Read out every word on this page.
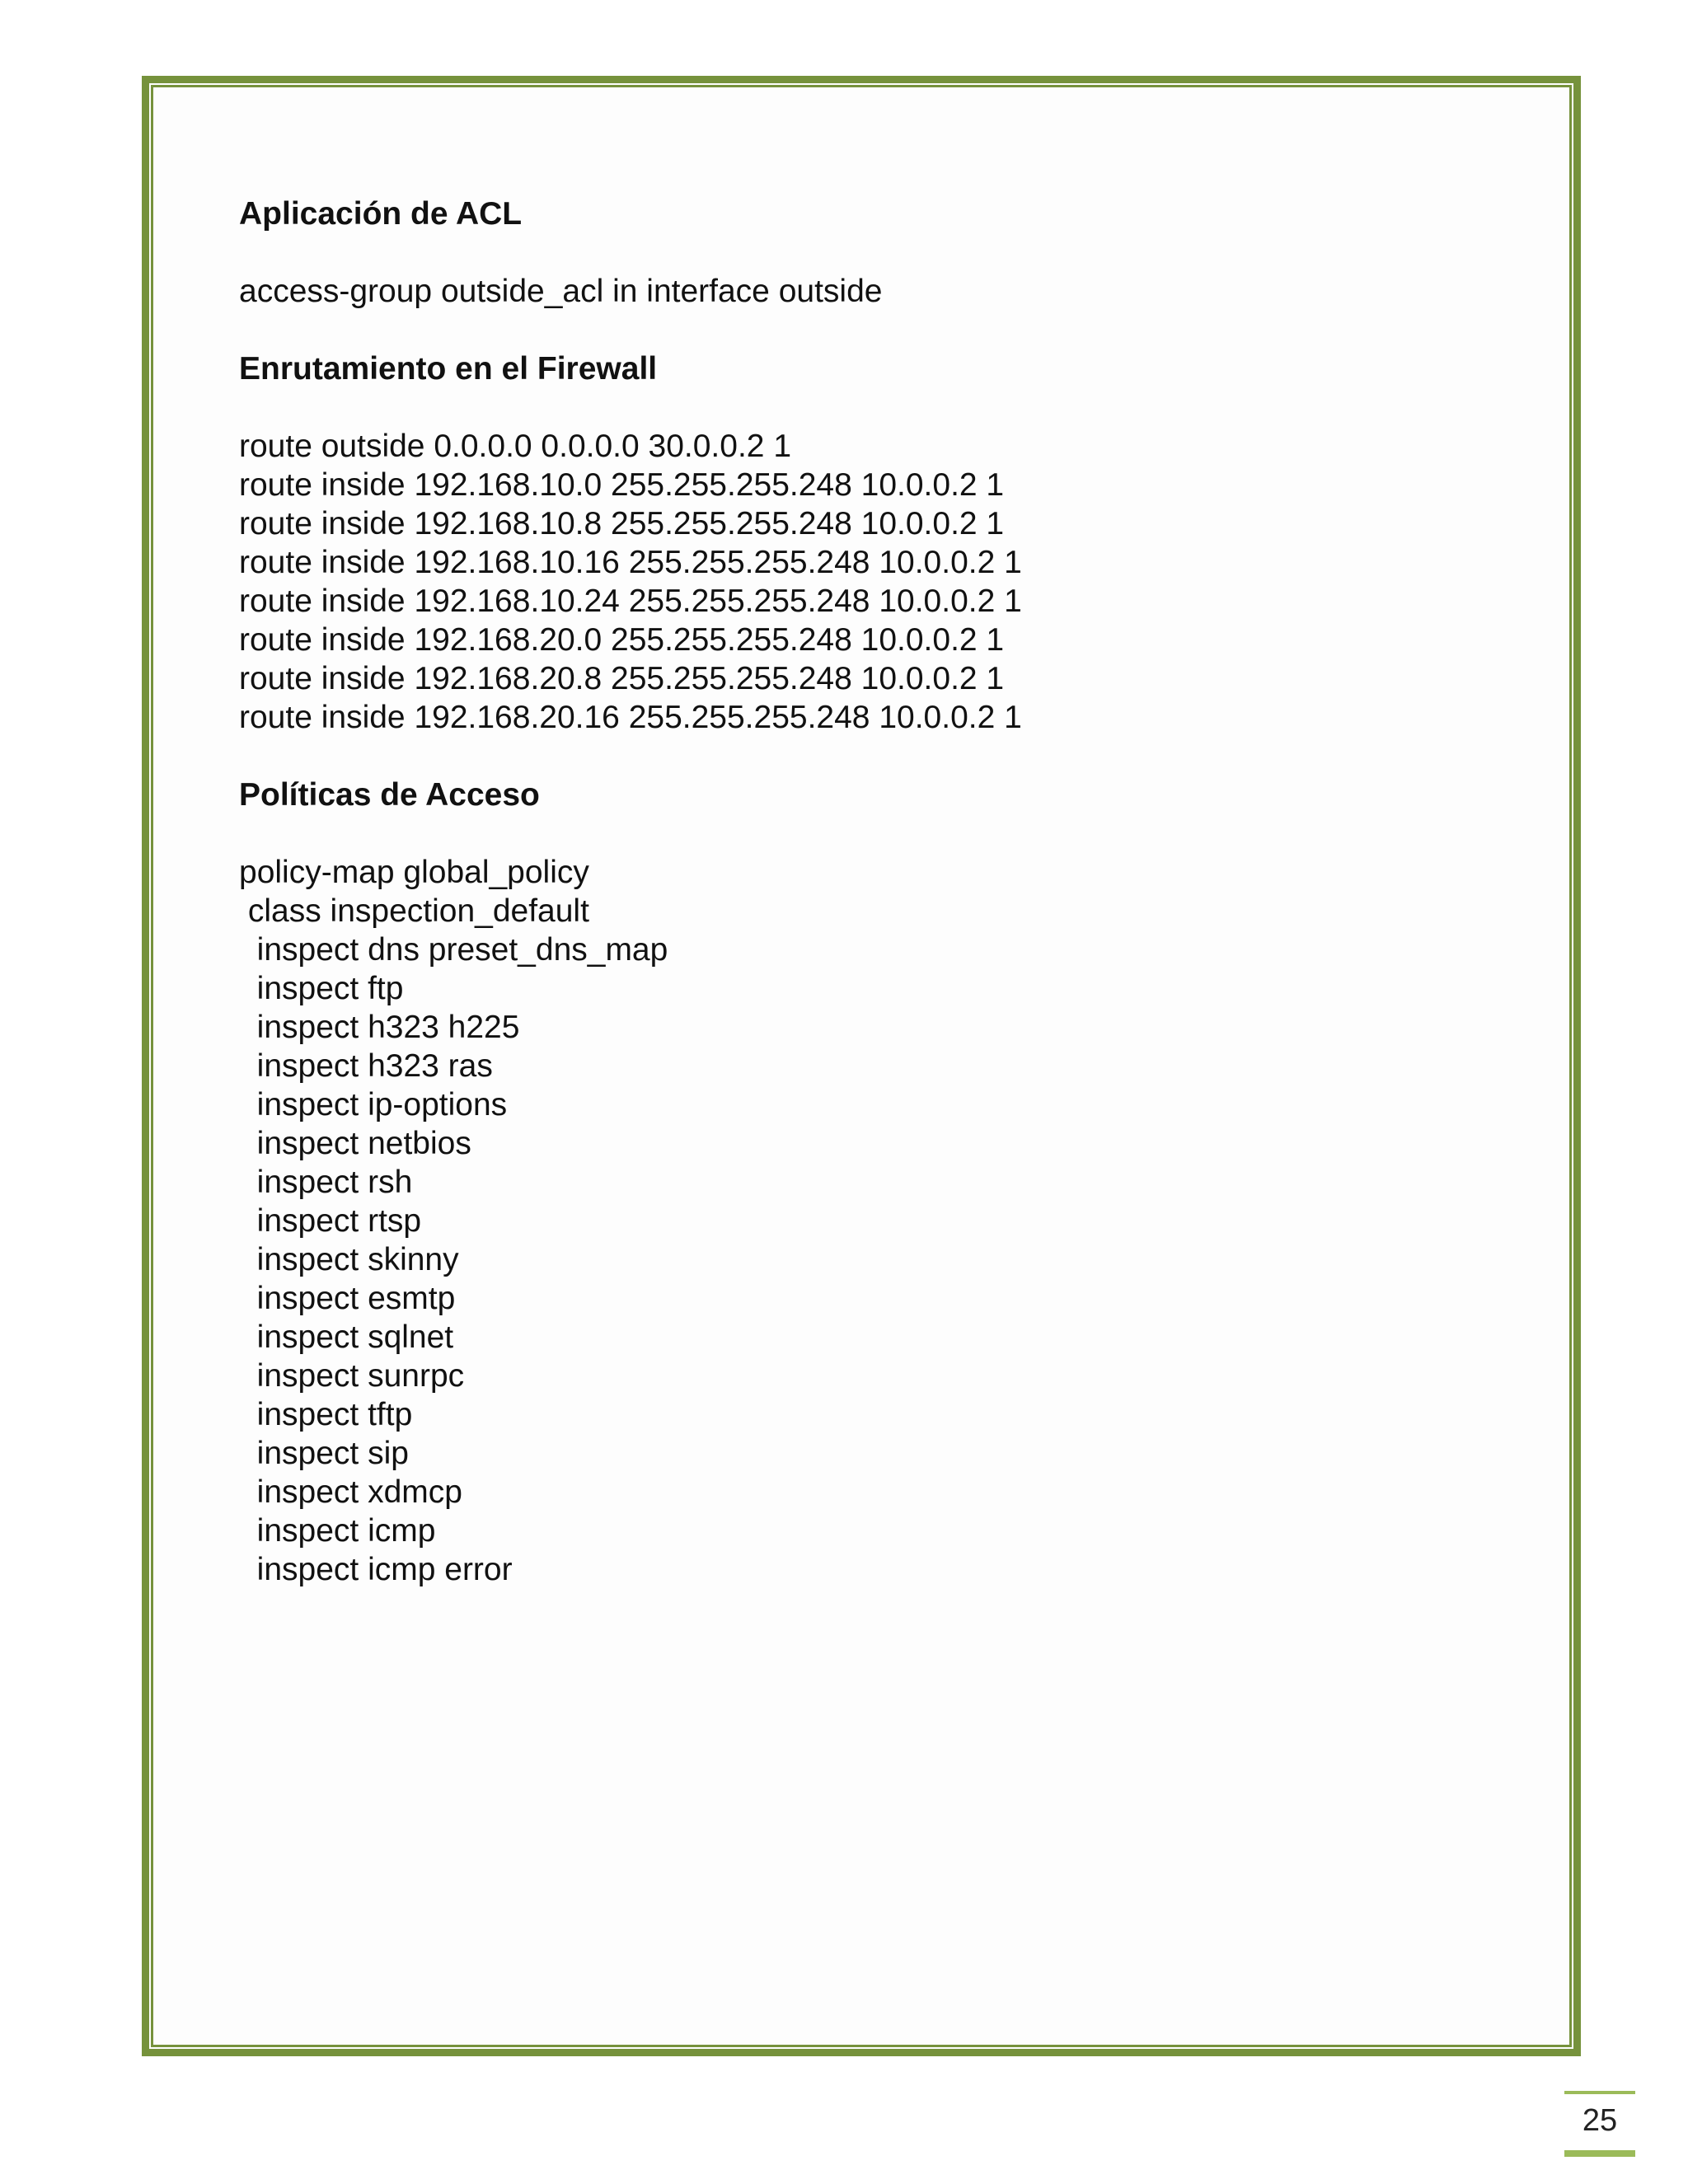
Aplicación de ACL
access-group outside_acl in interface outside
Enrutamiento en el Firewall
route outside 0.0.0.0 0.0.0.0 30.0.0.2 1
route inside 192.168.10.0 255.255.255.248 10.0.0.2 1
route inside 192.168.10.8 255.255.255.248 10.0.0.2 1
route inside 192.168.10.16 255.255.255.248 10.0.0.2 1
route inside 192.168.10.24 255.255.255.248 10.0.0.2 1
route inside 192.168.20.0 255.255.255.248 10.0.0.2 1
route inside 192.168.20.8 255.255.255.248 10.0.0.2 1
route inside 192.168.20.16 255.255.255.248 10.0.0.2 1
Políticas de Acceso
policy-map global_policy
class inspection_default
inspect dns preset_dns_map
inspect ftp
inspect h323 h225
inspect h323 ras
inspect ip-options
inspect netbios
inspect rsh
inspect rtsp
inspect skinny
inspect esmtp
inspect sqlnet
inspect sunrpc
inspect tftp
inspect sip
inspect xdmcp
inspect icmp
inspect icmp error
25
